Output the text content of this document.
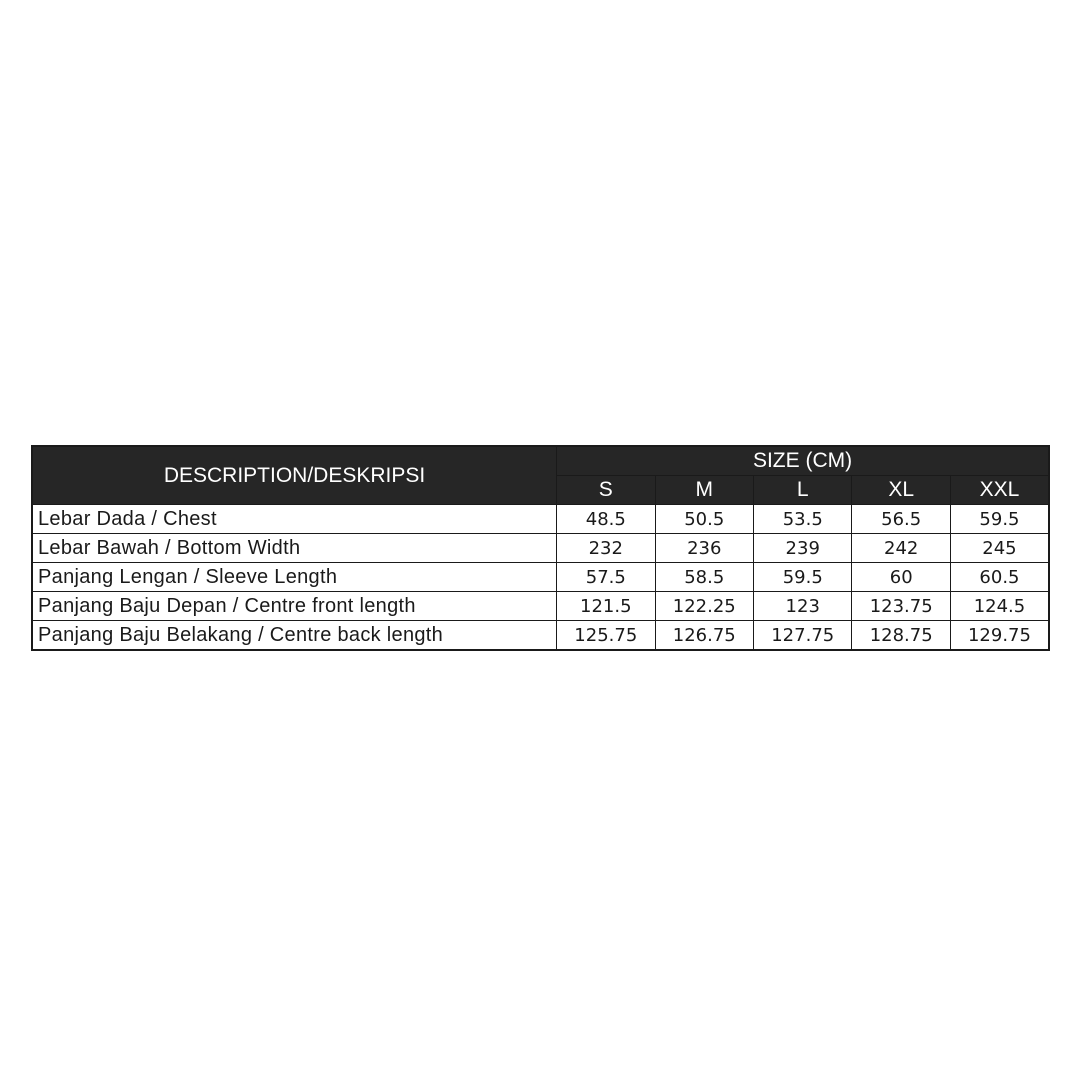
DESCRIPTION/DESKRIPSI	SIZE (CM)				
	S	M	L	XL	XXL
Lebar Dada / Chest	48.5	50.5	53.5	56.5	59.5
Lebar Bawah / Bottom Width	232	236	239	242	245
Panjang Lengan / Sleeve Length	57.5	58.5	59.5	60	60.5
Panjang Baju Depan / Centre front length	121.5	122.25	123	123.75	124.5
Panjang Baju Belakang / Centre back length	125.75	126.75	127.75	128.75	129.75
